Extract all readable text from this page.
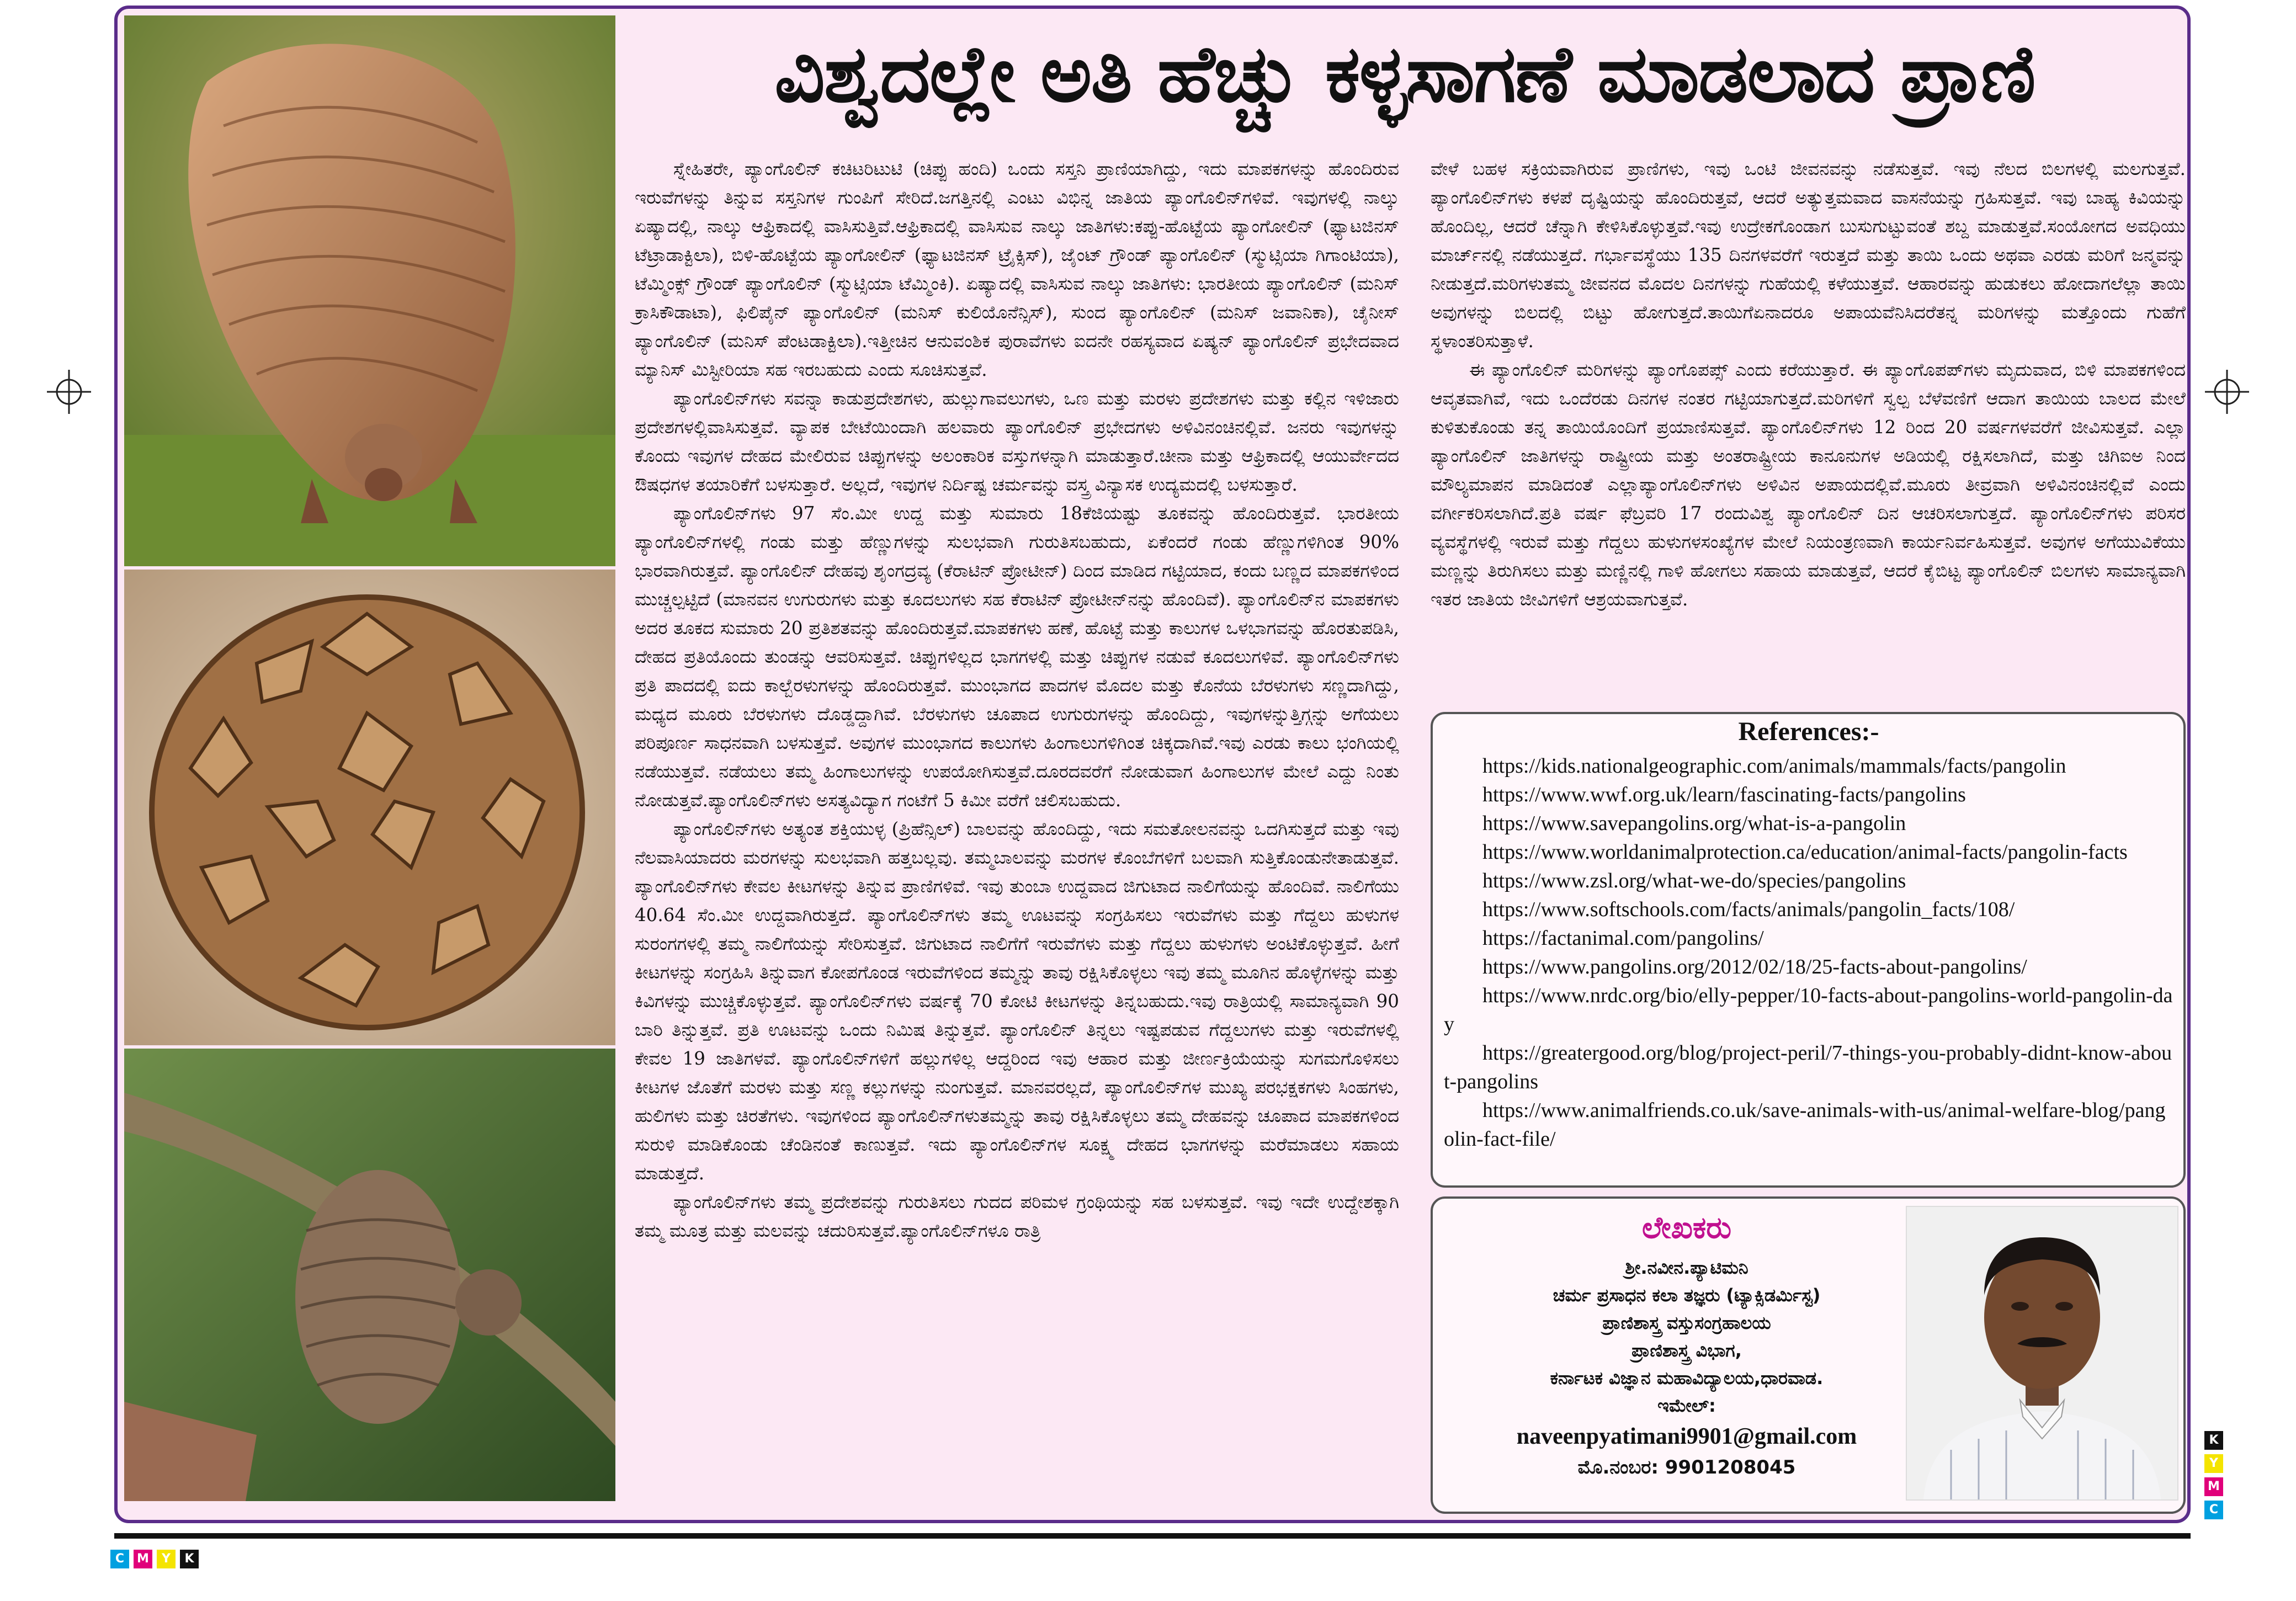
ವಿಶ್ವದಲ್ಲೇ ಅತಿ ಹೆಚ್ಚು ಕಳ್ಳಸಾಗಣೆ ಮಾಡಲಾದ ಪ್ರಾಣಿ

ಸ್ನೇಹಿತರೇ, ಪ್ಯಾಂಗೊಲಿನ್ ಕಚಿಟರಿಟುಟಿ (ಚಿಪ್ಪು ಹಂದಿ) ಒಂದು ಸಸ್ತನಿ ಪ್ರಾಣಿಯಾಗಿದ್ದು, ಇದು ಮಾಪಕಗಳನ್ನು ಹೊಂದಿರುವ ಇರುವೆಗಳನ್ನು ತಿನ್ನುವ ಸಸ್ತನಿಗಳ ಗುಂಪಿಗೆ ಸೇರಿದೆ.ಜಗತ್ತಿನಲ್ಲಿ ಎಂಟು ವಿಭಿನ್ನ ಜಾತಿಯ ಪ್ಯಾಂಗೊಲಿನ್‌ಗಳಿವೆ. ಇವುಗಳಲ್ಲಿ ನಾಲ್ಕು ಏಷ್ಯಾದಲ್ಲಿ, ನಾಲ್ಕು ಆಫ್ರಿಕಾದಲ್ಲಿ ವಾಸಿಸುತ್ತಿವೆ.ಆಫ್ರಿಕಾದಲ್ಲಿ ವಾಸಿಸುವ ನಾಲ್ಕು ಜಾತಿಗಳು:ಕಪ್ಪು-ಹೊಟ್ಟೆಯ ಪ್ಯಾಂಗೋಲಿನ್ (ಫ್ಯಾಟಜಿನಸ್ ಟೆಟ್ರಾಡಾಕ್ಟಿಲಾ), ಬಿಳಿ-ಹೊಟ್ಟೆಯ ಪ್ಯಾಂಗೋಲಿನ್ (ಫ್ಯಾಟಜಿನಸ್ ಟ್ರೈಕ್ಸಿಸ್), ಜೈಂಟ್ ಗ್ರೌಂಡ್ ಪ್ಯಾಂಗೊಲಿನ್ (ಸ್ಮುಟ್ಸಿಯಾ ಗಿಗಾಂಟಿಯಾ), ಟೆಮ್ಮಿಂಕ್ಸ್ ಗ್ರೌಂಡ್ ಪ್ಯಾಂಗೊಲಿನ್ (ಸ್ಮುಟ್ಸಿಯಾ ಟೆಮ್ಮಿಂಕಿ). ಏಷ್ಯಾದಲ್ಲಿ ವಾಸಿಸುವ ನಾಲ್ಕು ಜಾತಿಗಳು: ಭಾರತೀಯ ಪ್ಯಾಂಗೊಲಿನ್ (ಮನಿಸ್ ಕ್ರಾಸಿಕೌಡಾಟಾ), ಫಿಲಿಪೈನ್ ಪ್ಯಾಂಗೊಲಿನ್ (ಮನಿಸ್ ಕುಲಿಯೊನೆನ್ಸಿಸ್), ಸುಂದ ಪ್ಯಾಂಗೊಲಿನ್ (ಮನಿಸ್ ಜವಾನಿಕಾ), ಚೈನೀಸ್ ಪ್ಯಾಂಗೊಲಿನ್ (ಮನಿಸ್ ಪೆಂಟಡಾಕ್ಟಿಲಾ).ಇತ್ತೀಚಿನ ಆನುವಂಶಿಕ ಪುರಾವೆಗಳು ಐದನೇ ರಹಸ್ಯವಾದ ಏಷ್ಯನ್ ಪ್ಯಾಂಗೊಲಿನ್ ಪ್ರಭೇದವಾದ ಮ್ಯಾನಿಸ್ ಮಿಸ್ಟೀರಿಯಾ ಸಹ ಇರಬಹುದು ಎಂದು ಸೂಚಿಸುತ್ತವೆ.

ಪ್ಯಾಂಗೊಲಿನ್‌ಗಳು ಸವನ್ನಾ ಕಾಡುಪ್ರದೇಶಗಳು, ಹುಲ್ಲುಗಾವಲುಗಳು, ಒಣ ಮತ್ತು ಮರಳು ಪ್ರದೇಶಗಳು ಮತ್ತು ಕಲ್ಲಿನ ಇಳಿಜಾರು ಪ್ರದೇಶಗಳಲ್ಲಿವಾಸಿಸುತ್ತವೆ. ವ್ಯಾಪಕ ಬೇಟೆಯಿಂದಾಗಿ ಹಲವಾರು ಪ್ಯಾಂಗೊಲಿನ್ ಪ್ರಭೇದಗಳು ಅಳಿವಿನಂಚಿನಲ್ಲಿವೆ. ಜನರು ಇವುಗಳನ್ನು ಕೊಂದು ಇವುಗಳ ದೇಹದ ಮೇಲಿರುವ ಚಿಪ್ಪುಗಳನ್ನು ಅಲಂಕಾರಿಕ ವಸ್ತುಗಳನ್ನಾಗಿ ಮಾಡುತ್ತಾರೆ.ಚೀನಾ ಮತ್ತು ಆಫ್ರಿಕಾದಲ್ಲಿ ಆಯುರ್ವೇದದ ಔಷಧಗಳ ತಯಾರಿಕೆಗೆ ಬಳಸುತ್ತಾರೆ. ಅಲ್ಲದೆ, ಇವುಗಳ ನಿರ್ದಿಷ್ಟ ಚರ್ಮವನ್ನು ವಸ್ತ್ರ ವಿನ್ಯಾಸಕ ಉದ್ಯಮದಲ್ಲಿ ಬಳಸುತ್ತಾರೆ.

ಪ್ಯಾಂಗೊಲಿನ್‌ಗಳು 97 ಸೆಂ.ಮೀ ಉದ್ದ ಮತ್ತು ಸುಮಾರು 18ಕೆಜಿಯಷ್ಟು ತೂಕವನ್ನು ಹೊಂದಿರುತ್ತವೆ. ಭಾರತೀಯ ಪ್ಯಾಂಗೊಲಿನ್‌ಗಳಲ್ಲಿ ಗಂಡು ಮತ್ತು ಹೆಣ್ಣುಗಳನ್ನು ಸುಲಭವಾಗಿ ಗುರುತಿಸಬಹುದು, ಏಕೆಂದರೆ ಗಂಡು ಹೆಣ್ಣುಗಳಿಗಿಂತ 90% ಭಾರವಾಗಿರುತ್ತವೆ. ಪ್ಯಾಂಗೊಲಿನ್ ದೇಹವು ಶೃಂಗದ್ರವ್ಯ (ಕೆರಾಟಿನ್ ಪ್ರೋಟೀನ್) ದಿಂದ ಮಾಡಿದ ಗಟ್ಟಿಯಾದ, ಕಂದು ಬಣ್ಣದ ಮಾಪಕಗಳಿಂದ ಮುಚ್ಚಲ್ಪಟ್ಟಿದೆ (ಮಾನವನ ಉಗುರುಗಳು ಮತ್ತು ಕೂದಲುಗಳು ಸಹ ಕೆರಾಟಿನ್ ಪ್ರೋಟೀನ್‌ನನ್ನು ಹೊಂದಿವೆ). ಪ್ಯಾಂಗೊಲಿನ್‌ನ ಮಾಪಕಗಳು ಅದರ ತೂಕದ ಸುಮಾರು 20 ಪ್ರತಿಶತವನ್ನು ಹೊಂದಿರುತ್ತವೆ.ಮಾಪಕಗಳು ಹಣೆ, ಹೊಟ್ಟೆ ಮತ್ತು ಕಾಲುಗಳ ಒಳಭಾಗವನ್ನು ಹೊರತುಪಡಿಸಿ, ದೇಹದ ಪ್ರತಿಯೊಂದು ತುಂಡನ್ನು ಆವರಿಸುತ್ತವೆ. ಚಿಪ್ಪುಗಳಿಲ್ಲದ ಭಾಗಗಳಲ್ಲಿ ಮತ್ತು ಚಿಪ್ಪುಗಳ ನಡುವೆ ಕೂದಲುಗಳಿವೆ. ಪ್ಯಾಂಗೊಲಿನ್‌ಗಳು ಪ್ರತಿ ಪಾದದಲ್ಲಿ ಐದು ಕಾಲ್ಬೆರಳುಗಳನ್ನು ಹೊಂದಿರುತ್ತವೆ. ಮುಂಭಾಗದ ಪಾದಗಳ ಮೊದಲ ಮತ್ತು ಕೊನೆಯ ಬೆರಳುಗಳು ಸಣ್ಣದಾಗಿದ್ದು, ಮಧ್ಯದ ಮೂರು ಬೆರಳುಗಳು ದೊಡ್ಡದ್ದಾಗಿವೆ. ಬೆರಳುಗಳು ಚೂಪಾದ ಉಗುರುಗಳನ್ನು ಹೊಂದಿದ್ದು, ಇವುಗಳನ್ನುತ್ತಿಗ್ಗನ್ನು ಅಗೆಯಲು ಪರಿಪೂರ್ಣ ಸಾಧನವಾಗಿ ಬಳಸುತ್ತವೆ. ಅವುಗಳ ಮುಂಭಾಗದ ಕಾಲುಗಳು ಹಿಂಗಾಲುಗಳಿಗಿಂತ ಚಿಕ್ಕದಾಗಿವೆ.ಇವು ಎರಡು ಕಾಲು ಭಂಗಿಯಲ್ಲಿ ನಡೆಯುತ್ತವೆ. ನಡೆಯಲು ತಮ್ಮ ಹಿಂಗಾಲುಗಳನ್ನು ಉಪಯೋಗಿಸುತ್ತವೆ.ದೂರದವರೆಗೆ ನೋಡುವಾಗ ಹಿಂಗಾಲುಗಳ ಮೇಲೆ ಎದ್ದು ನಿಂತು ನೋಡುತ್ತವೆ.ಪ್ಯಾಂಗೊಲಿನ್‌ಗಳು ಅಸತ್ಯವಿದ್ಯಾಗ ಗಂಟೆಗೆ 5 ಕಿಮೀ ವರೆಗೆ ಚಲಿಸಬಹುದು.

ಪ್ಯಾಂಗೊಲಿನ್‌ಗಳು ಅತ್ಯಂತ ಶಕ್ತಿಯುಳ್ಳ (ಪ್ರಿಹೆನ್ಸಿಲ್) ಬಾಲವನ್ನು ಹೊಂದಿದ್ದು, ಇದು ಸಮತೋಲನವನ್ನು ಒದಗಿಸುತ್ತದೆ ಮತ್ತು ಇವು ನೆಲವಾಸಿಯಾದರು ಮರಗಳನ್ನು ಸುಲಭವಾಗಿ ಹತ್ತಬಲ್ಲವು. ತಮ್ಮಬಾಲವನ್ನು ಮರಗಳ ಕೊಂಬೆಗಳಿಗೆ ಬಲವಾಗಿ ಸುತ್ತಿಕೊಂಡುನೇತಾಡುತ್ತವೆ. ಪ್ಯಾಂಗೊಲಿನ್‌ಗಳು ಕೇವಲ ಕೀಟಗಳನ್ನು ತಿನ್ನುವ ಪ್ರಾಣಿಗಳಿವೆ. ಇವು ತುಂಬಾ ಉದ್ದವಾದ ಜಿಗುಟಾದ ನಾಲಿಗೆಯನ್ನು ಹೊಂದಿವೆ. ನಾಲಿಗೆಯು 40.64 ಸೆಂ.ಮೀ ಉದ್ದವಾಗಿರುತ್ತದೆ. ಪ್ಯಾಂಗೊಲಿನ್‌ಗಳು ತಮ್ಮ ಊಟವನ್ನು ಸಂಗ್ರಹಿಸಲು ಇರುವೆಗಳು ಮತ್ತು ಗೆದ್ದಲು ಹುಳುಗಳ ಸುರಂಗಗಳಲ್ಲಿ ತಮ್ಮ ನಾಲಿಗೆಯನ್ನು ಸೇರಿಸುತ್ತವೆ. ಜಿಗುಟಾದ ನಾಲಿಗೆಗೆ ಇರುವೆಗಳು ಮತ್ತು ಗೆದ್ದಲು ಹುಳುಗಳು ಅಂಟಿಕೊಳ್ಳುತ್ತವೆ. ಹೀಗೆ ಕೀಟಗಳನ್ನು ಸಂಗ್ರಹಿಸಿ ತಿನ್ನುವಾಗ ಕೋಪಗೊಂಡ ಇರುವೆಗಳಿಂದ ತಮ್ಮನ್ನು ತಾವು ರಕ್ಷಿಸಿಕೊಳ್ಳಲು ಇವು ತಮ್ಮ ಮೂಗಿನ ಹೊಳ್ಳೆಗಳನ್ನು ಮತ್ತು ಕಿವಿಗಳನ್ನು ಮುಚ್ಚಿಕೊಳ್ಳುತ್ತವೆ. ಪ್ಯಾಂಗೊಲಿನ್‌ಗಳು ವರ್ಷಕ್ಕೆ 70 ಕೋಟಿ ಕೀಟಗಳನ್ನು ತಿನ್ನಬಹುದು.ಇವು ರಾತ್ರಿಯಲ್ಲಿ ಸಾಮಾನ್ಯವಾಗಿ 90 ಬಾರಿ ತಿನ್ನುತ್ತವೆ. ಪ್ರತಿ ಊಟವನ್ನು ಒಂದು ನಿಮಿಷ ತಿನ್ನುತ್ತವೆ. ಪ್ಯಾಂಗೊಲಿನ್ ತಿನ್ನಲು ಇಷ್ಟಪಡುವ ಗೆದ್ದಲುಗಳು ಮತ್ತು ಇರುವೆಗಳಲ್ಲಿ ಕೇವಲ 19 ಜಾತಿಗಳವೆ. ಪ್ಯಾಂಗೊಲಿನ್‌ಗಳಿಗೆ ಹಲ್ಲುಗಳಿಲ್ಲ ಆದ್ದರಿಂದ ಇವು ಆಹಾರ ಮತ್ತು ಜೀರ್ಣಕ್ರಿಯೆಯನ್ನು ಸುಗಮಗೊಳಿಸಲು ಕೀಟಗಳ ಜೊತೆಗೆ ಮರಳು ಮತ್ತು ಸಣ್ಣ ಕಲ್ಲುಗಳನ್ನು ನುಂಗುತ್ತವೆ. ಮಾನವರಲ್ಲದೆ, ಪ್ಯಾಂಗೊಲಿನ್‌ಗಳ ಮುಖ್ಯ ಪರಭಕ್ಷಕಗಳು ಸಿಂಹಗಳು, ಹುಲಿಗಳು ಮತ್ತು ಚಿರತೆಗಳು. ಇವುಗಳಿಂದ ಪ್ಯಾಂಗೊಲಿನ್‌ಗಳುತಮ್ಮನ್ನು ತಾವು ರಕ್ಷಿಸಿಕೊಳ್ಳಲು ತಮ್ಮ ದೇಹವನ್ನು ಚೂಪಾದ ಮಾಪಕಗಳಿಂದ ಸುರುಳಿ ಮಾಡಿಕೊಂಡು ಚೆಂಡಿನಂತೆ ಕಾಣುತ್ತವೆ. ಇದು ಪ್ಯಾಂಗೊಲಿನ್‌ಗಳ ಸೂಕ್ಷ್ಮ ದೇಹದ ಭಾಗಗಳನ್ನು ಮರೆಮಾಡಲು ಸಹಾಯ ಮಾಡುತ್ತದೆ.

ಪ್ಯಾಂಗೊಲಿನ್‌ಗಳು ತಮ್ಮ ಪ್ರದೇಶವನ್ನು ಗುರುತಿಸಲು ಗುದದ ಪರಿಮಳ ಗ್ರಂಥಿಯನ್ನು ಸಹ ಬಳಸುತ್ತವೆ. ಇವು ಇದೇ ಉದ್ದೇಶಕ್ಕಾಗಿ ತಮ್ಮ ಮೂತ್ರ ಮತ್ತು ಮಲವನ್ನು ಚದುರಿಸುತ್ತವೆ.ಪ್ಯಾಂಗೊಲಿನ್‌ಗಳೂ ರಾತ್ರಿ

ವೇಳೆ ಬಹಳ ಸಕ್ರಿಯವಾಗಿರುವ ಪ್ರಾಣಿಗಳು, ಇವು ಒಂಟಿ ಜೀವನವನ್ನು ನಡೆಸುತ್ತವೆ. ಇವು ನೆಲದ ಬಿಲಗಳಲ್ಲಿ ಮಲಗುತ್ತವೆ. ಪ್ಯಾಂಗೊಲಿನ್‌ಗಳು ಕಳಪೆ ದೃಷ್ಟಿಯನ್ನು ಹೊಂದಿರುತ್ತವೆ, ಆದರೆ ಅತ್ಯುತ್ತಮವಾದ ವಾಸನೆಯನ್ನು ಗ್ರಹಿಸುತ್ತವೆ. ಇವು ಬಾಹ್ಯ ಕಿವಿಯನ್ನು ಹೊಂದಿಲ್ಲ, ಆದರೆ ಚೆನ್ನಾಗಿ ಕೇಳಿಸಿಕೊಳ್ಳುತ್ತವೆ.ಇವು ಉದ್ರೇಕಗೊಂಡಾಗ ಬುಸುಗುಟ್ಟುವಂತೆ ಶಬ್ದ ಮಾಡುತ್ತವೆ.ಸಂಯೋಗದ ಅವಧಿಯು ಮಾರ್ಚ್‌ನಲ್ಲಿ ನಡೆಯುತ್ತದೆ. ಗರ್ಭಾವಸ್ಥೆಯು 135 ದಿನಗಳವರೆಗೆ ಇರುತ್ತದೆ ಮತ್ತು ತಾಯಿ ಒಂದು ಅಥವಾ ಎರಡು ಮರಿಗೆ ಜನ್ಮವನ್ನು ನೀಡುತ್ತದೆ.ಮರಿಗಳುತಮ್ಮ ಜೀವನದ ಮೊದಲ ದಿನಗಳನ್ನು ಗುಹೆಯಲ್ಲಿ ಕಳೆಯುತ್ತವೆ. ಆಹಾರವನ್ನು ಹುಡುಕಲು ಹೋದಾಗಲೆಲ್ಲಾ ತಾಯಿ ಅವುಗಳನ್ನು ಬಿಲದಲ್ಲಿ ಬಿಟ್ಟು ಹೋಗುತ್ತದೆ.ತಾಯಿಗೆಏನಾದರೂ ಅಪಾಯವೆನಿಸಿದರೆತನ್ನ ಮರಿಗಳನ್ನು ಮತ್ತೊಂದು ಗುಹೆಗೆ ಸ್ಥಳಾಂತರಿಸುತ್ತಾಳೆ.

ಈ ಪ್ಯಾಂಗೊಲಿನ್ ಮರಿಗಳನ್ನು ಪ್ಯಾಂಗೊಪಪ್ಸ್ ಎಂದು ಕರೆಯುತ್ತಾರೆ. ಈ ಪ್ಯಾಂಗೊಪಪ್‌ಗಳು ಮೃದುವಾದ, ಬಿಳಿ ಮಾಪಕಗಳಿಂದ ಆವೃತವಾಗಿವೆ, ಇದು ಒಂದೆರಡು ದಿನಗಳ ನಂತರ ಗಟ್ಟಿಯಾಗುತ್ತದೆ.ಮರಿಗಳಿಗೆ ಸ್ವಲ್ಪ ಬೆಳೆವಣಿಗೆ ಆದಾಗ ತಾಯಿಯ ಬಾಲದ ಮೇಲೆ ಕುಳಿತುಕೊಂಡು ತನ್ನ ತಾಯಿಯೊಂದಿಗೆ ಪ್ರಯಾಣಿಸುತ್ತವೆ. ಪ್ಯಾಂಗೊಲಿನ್‌ಗಳು 12 ರಿಂದ 20 ವರ್ಷಗಳವರೆಗೆ ಜೀವಿಸುತ್ತವೆ. ಎಲ್ಲಾ ಪ್ಯಾಂಗೊಲಿನ್ ಜಾತಿಗಳನ್ನು ರಾಷ್ಟ್ರೀಯ ಮತ್ತು ಅಂತರಾಷ್ಟ್ರೀಯ ಕಾನೂನುಗಳ ಅಡಿಯಲ್ಲಿ ರಕ್ಷಿಸಲಾಗಿದೆ, ಮತ್ತು ಚಿಗಿಐಅ ನಿಂದ ಮೌಲ್ಯಮಾಪನ ಮಾಡಿದಂತೆ ಎಲ್ಲಾಪ್ಯಾಂಗೊಲಿನ್‌ಗಳು ಅಳಿವಿನ ಅಪಾಯದಲ್ಲಿವೆ.ಮೂರು ತೀವ್ರವಾಗಿ ಅಳಿವಿನಂಚಿನಲ್ಲಿವೆ ಎಂದು ವರ್ಗೀಕರಿಸಲಾಗಿದೆ.ಪ್ರತಿ ವರ್ಷ ಫೆಬ್ರವರಿ 17 ರಂದುವಿಶ್ವ ಪ್ಯಾಂಗೊಲಿನ್ ದಿನ ಆಚರಿಸಲಾಗುತ್ತದೆ. ಪ್ಯಾಂಗೊಲಿನ್‌ಗಳು ಪರಿಸರ ವ್ಯವಸ್ಥೆಗಳಲ್ಲಿ ಇರುವೆ ಮತ್ತು ಗೆದ್ದಲು ಹುಳುಗಳಸಂಖ್ಯೆಗಳ ಮೇಲೆ ನಿಯಂತ್ರಣವಾಗಿ ಕಾರ್ಯನಿರ್ವಹಿಸುತ್ತವೆ. ಅವುಗಳ ಅಗೆಯುವಿಕೆಯು ಮಣ್ಣನ್ನು ತಿರುಗಿಸಲು ಮತ್ತು ಮಣ್ಣಿನಲ್ಲಿ ಗಾಳಿ ಹೋಗಲು ಸಹಾಯ ಮಾಡುತ್ತವೆ, ಆದರೆ ಕೈಬಿಟ್ಟ ಪ್ಯಾಂಗೊಲಿನ್ ಬಿಲಗಳು ಸಾಮಾನ್ಯವಾಗಿ ಇತರ ಜಾತಿಯ ಜೀವಿಗಳಿಗೆ ಆಶ್ರಯವಾಗುತ್ತವೆ.

References:-
https://kids.nationalgeographic.com/animals/mammals/facts/pangolin
https://www.wwf.org.uk/learn/fascinating-facts/pangolins
https://www.savepangolins.org/what-is-a-pangolin
https://www.worldanimalprotection.ca/education/animal-facts/pangolin-facts
https://www.zsl.org/what-we-do/species/pangolins
https://www.softschools.com/facts/animals/pangolin_facts/108/
https://factanimal.com/pangolins/
https://www.pangolins.org/2012/02/18/25-facts-about-pangolins/
https://www.nrdc.org/bio/elly-pepper/10-facts-about-pangolins-world-pangolin-day
https://greatergood.org/blog/project-peril/7-things-you-probably-didnt-know-about-pangolins
https://www.animalfriends.co.uk/save-animals-with-us/animal-welfare-blog/pangolin-fact-file/
ಲೇಖಕರು
ಶ್ರೀ.ನವೀನ.ಪ್ಯಾಟಿಮನಿ
ಚರ್ಮ ಪ್ರಸಾಧನ ಕಲಾ ತಜ್ಞರು (ಟ್ಯಾಕ್ಸಿಡರ್ಮಿಸ್ಟ)
ಪ್ರಾಣಿಶಾಸ್ತ್ರ ವಸ್ತುಸಂಗ್ರಹಾಲಯ
ಪ್ರಾಣಿಶಾಸ್ತ್ರ ವಿಭಾಗ,
ಕರ್ನಾಟಕ ವಿಜ್ಞಾನ ಮಹಾವಿದ್ಯಾಲಯ,ಧಾರವಾಡ.
ಇಮೇಲ್:
naveenpyatimani9901@gmail.com
ಮೊ.ನಂಬರ: 9901208045
C M Y K
K
Y
M
C
